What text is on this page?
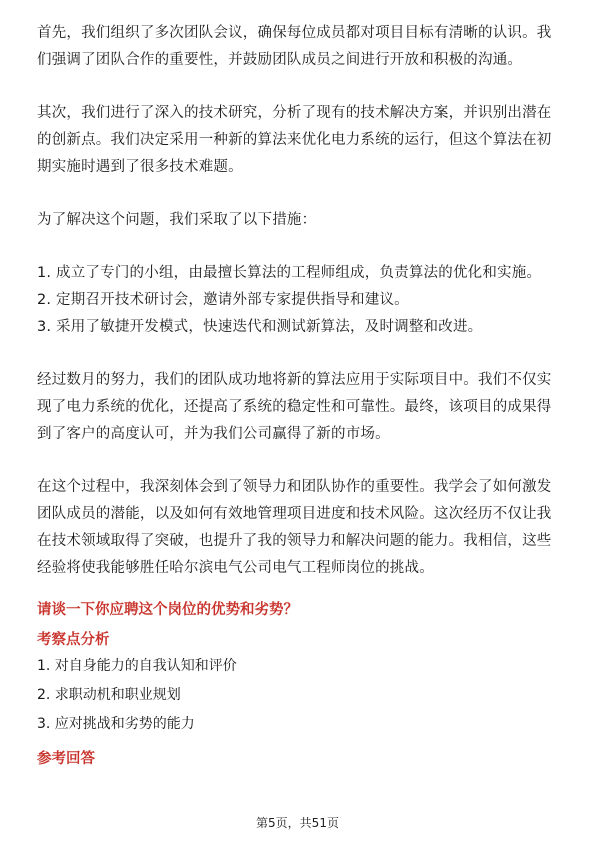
首先，我们组织了多次团队会议，确保每位成员都对项目目标有清晰的认识。我们强调了团队合作的重要性，并鼓励团队成员之间进行开放和积极的沟通。

其次，我们进行了深入的技术研究，分析了现有的技术解决方案，并识别出潜在的创新点。我们决定采用一种新的算法来优化电力系统的运行，但这个算法在初期实施时遇到了很多技术难题。

为了解决这个问题，我们采取了以下措施：

1. 成立了专门的小组，由最擅长算法的工程师组成，负责算法的优化和实施。

2. 定期召开技术研讨会，邀请外部专家提供指导和建议。

3. 采用了敏捷开发模式，快速迭代和测试新算法，及时调整和改进。

经过数月的努力，我们的团队成功地将新的算法应用于实际项目中。我们不仅实现了电力系统的优化，还提高了系统的稳定性和可靠性。最终，该项目的成果得到了客户的高度认可，并为我们公司赢得了新的市场。

在这个过程中，我深刻体会到了领导力和团队协作的重要性。我学会了如何激发团队成员的潜能，以及如何有效地管理项目进度和技术风险。这次经历不仅让我在技术领域取得了突破，也提升了我的领导力和解决问题的能力。我相信，这些经验将使我能够胜任哈尔滨电气公司电气工程师岗位的挑战。

请谈一下你应聘这个岗位的优势和劣势？

考察点分析

1. 对自身能力的自我认知和评价

2. 求职动机和职业规划

3. 应对挑战和劣势的能力

参考回答

第5页，共51页
